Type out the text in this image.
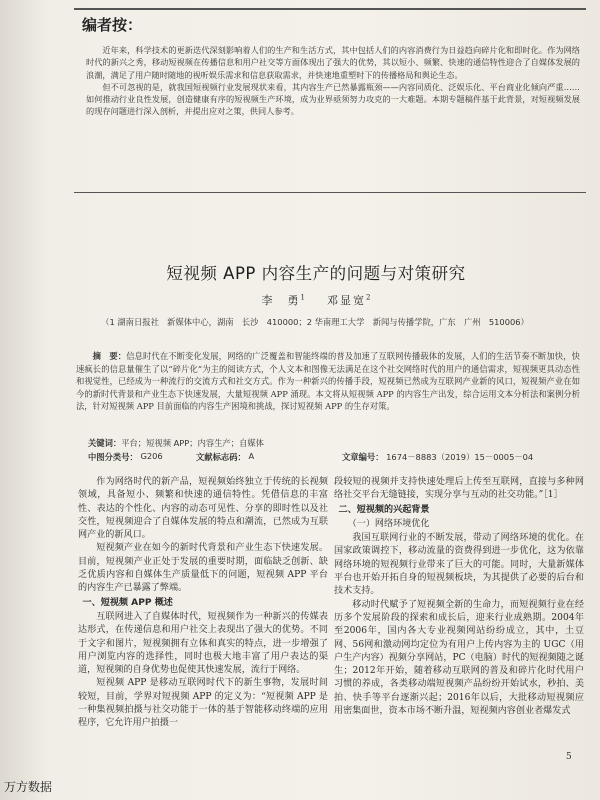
编者按：

近年来，科学技术的更新迭代深刻影响着人们的生产和生活方式，其中包括人们的内容消费行为日益趋向碎片化和即时化。作为网络时代的新兴之秀，移动短视频在传播信息和用户社交等方面体现出了强大的优势，其以短小、频繁、快速的通信特性迎合了自媒体发展的浪潮，满足了用户随时随地的视听娱乐需求和信息获取需求，并快速地重塑时下的传播格局和舆论生态。

但不可忽视的是，就我国短视频行业发展现状来看，其内容生产已然暴露瓶颈——内容同质化、泛娱乐化、平台商业化倾向严重……如何推动行业良性发展，创造健康有序的短视频生产环境，成为业界亟须努力攻克的一大难题。本期专题稿件基于此背景，对短视频发展的现存问题进行深入剖析，并提出应对之策，供同人参考。

短视频 APP 内容生产的问题与对策研究
李　勇$^1$ 邓显宽$^2$
（1 湖南日报社　新媒体中心，湖南　长沙　410000；2 华南理工大学　新闻与传播学院，广东　广州　510006）
摘　要：信息时代在不断变化发展，网络的广泛覆盖和智能终端的普及加速了互联网传播载体的发展，人们的生活节奏不断加快，快速疯长的信息量催生了以“碎片化”为主的阅读方式，个人文本和图像无法满足在这个社交网络时代的用户的通信需求，短视频更具动态性和视觉性，已经成为一种流行的交流方式和社交方式。作为一种新兴的传播手段，短视频已然成为互联网产业新的风口，短视频产业在如今的新时代背景和产业生态下快速发展，大量短视频 APP 涌现。本文将从短视频 APP 的内容生产出发，综合运用文本分析法和案例分析法，针对短视频 APP 目前面临的内容生产困境和挑战，探讨短视频 APP 的生存对策。
关键词：平台；短视频 APP；内容生产；自媒体
中图分类号： G206	文献标志码： A	文章编号： 1674－8883（2019）15－0005－04

作为网络时代的新产品，短视频始终独立于传统的长视频领域，具备短小、频繁和快速的通信特性。凭借信息的丰富性、表达的个性化、内容的动态可见性、分享的即时性以及社交性，短视频迎合了自媒体发展的特点和潮流，已然成为互联网产业的新风口。

短视频产业在如今的新时代背景和产业生态下快速发展。目前，短视频产业正处于发展的重要时期，面临缺乏创新、缺乏优质内容和自媒体生产质量低下的问题，短视频 APP 平台的内容生产已暴露了弊端。

一、短视频 APP 概述

互联网进入了自媒体时代，短视频作为一种新兴的传媒表达形式，在传递信息和用户社交上表现出了强大的优势。不同于文字和图片，短视频拥有立体和真实的特点，进一步增强了用户浏览内容的选择性，同时也极大地丰富了用户表达的渠道，短视频的自身优势也促使其快速发展，流行于网络。

短视频 APP 是移动互联网时代下的新生事物，发展时间较短，目前，学界对短视频 APP 的定义为：“短视频 APP 是一种集视频拍摄与社交功能于一体的基于智能移动终端的应用程序，它允许用户拍摄一

段较短的视频并支持快速处理后上传至互联网，直接与多种网络社交平台无缝链接，实现分享与互动的社交功能。”［1］

二、短视频的兴起背景
（一）网络环境优化

我国互联网行业的不断发展，带动了网络环境的优化。在国家政策调控下，移动流量的资费得到进一步优化，这为依靠网络环境的短视频行业带来了巨大的可能。同时，大量新媒体平台也开始开拓自身的短视频板块，为其提供了必要的后台和技术支持。

移动时代赋予了短视频全新的生命力，而短视频行业在经历多个发展阶段的探索和成长后，迎来行业成熟期。2004年至2006年，国内各大专业视频网站纷纷成立，其中，土豆网、56网和激动网均定位为有用户上传内容为主的 UGC（用户生产内容）视频分享网站，PC（电脑）时代的短视频随之诞生；2012年开始，随着移动互联网的普及和碎片化时代用户习惯的养成，各类移动端短视频产品纷纷开始试水，秒拍、美拍、快手等平台逐渐兴起；2016年以后，大批移动短视频应用密集面世，资本市场不断升温，短视频内容创业者爆发式

5
万方数据
